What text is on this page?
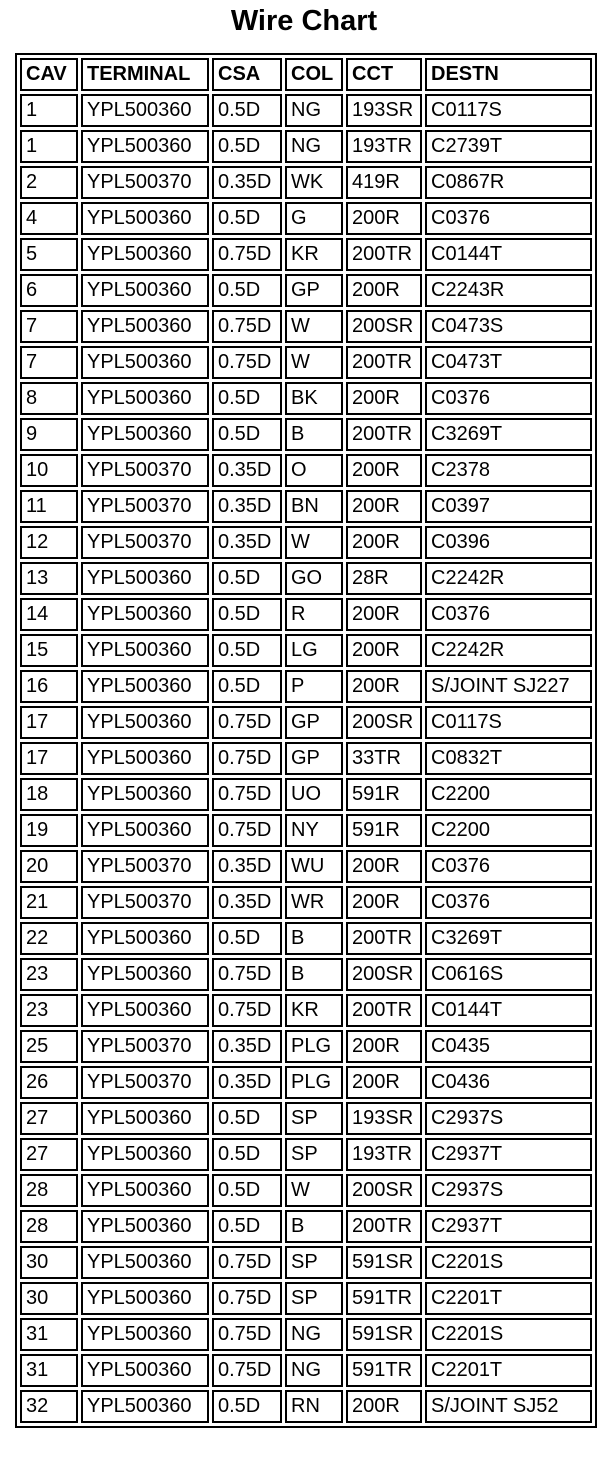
Wire Chart
CAV	TERMINAL	CSA	COL	CCT	DESTN
1	YPL500360	0.5D	NG	193SR	C0117S
1	YPL500360	0.5D	NG	193TR	C2739T
2	YPL500370	0.35D	WK	419R	C0867R
4	YPL500360	0.5D	G	200R	C0376
5	YPL500360	0.75D	KR	200TR	C0144T
6	YPL500360	0.5D	GP	200R	C2243R
7	YPL500360	0.75D	W	200SR	C0473S
7	YPL500360	0.75D	W	200TR	C0473T
8	YPL500360	0.5D	BK	200R	C0376
9	YPL500360	0.5D	B	200TR	C3269T
10	YPL500370	0.35D	O	200R	C2378
11	YPL500370	0.35D	BN	200R	C0397
12	YPL500370	0.35D	W	200R	C0396
13	YPL500360	0.5D	GO	28R	C2242R
14	YPL500360	0.5D	R	200R	C0376
15	YPL500360	0.5D	LG	200R	C2242R
16	YPL500360	0.5D	P	200R	S/JOINT SJ227
17	YPL500360	0.75D	GP	200SR	C0117S
17	YPL500360	0.75D	GP	33TR	C0832T
18	YPL500360	0.75D	UO	591R	C2200
19	YPL500360	0.75D	NY	591R	C2200
20	YPL500370	0.35D	WU	200R	C0376
21	YPL500370	0.35D	WR	200R	C0376
22	YPL500360	0.5D	B	200TR	C3269T
23	YPL500360	0.75D	B	200SR	C0616S
23	YPL500360	0.75D	KR	200TR	C0144T
25	YPL500370	0.35D	PLG	200R	C0435
26	YPL500370	0.35D	PLG	200R	C0436
27	YPL500360	0.5D	SP	193SR	C2937S
27	YPL500360	0.5D	SP	193TR	C2937T
28	YPL500360	0.5D	W	200SR	C2937S
28	YPL500360	0.5D	B	200TR	C2937T
30	YPL500360	0.75D	SP	591SR	C2201S
30	YPL500360	0.75D	SP	591TR	C2201T
31	YPL500360	0.75D	NG	591SR	C2201S
31	YPL500360	0.75D	NG	591TR	C2201T
32	YPL500360	0.5D	RN	200R	S/JOINT SJ52
